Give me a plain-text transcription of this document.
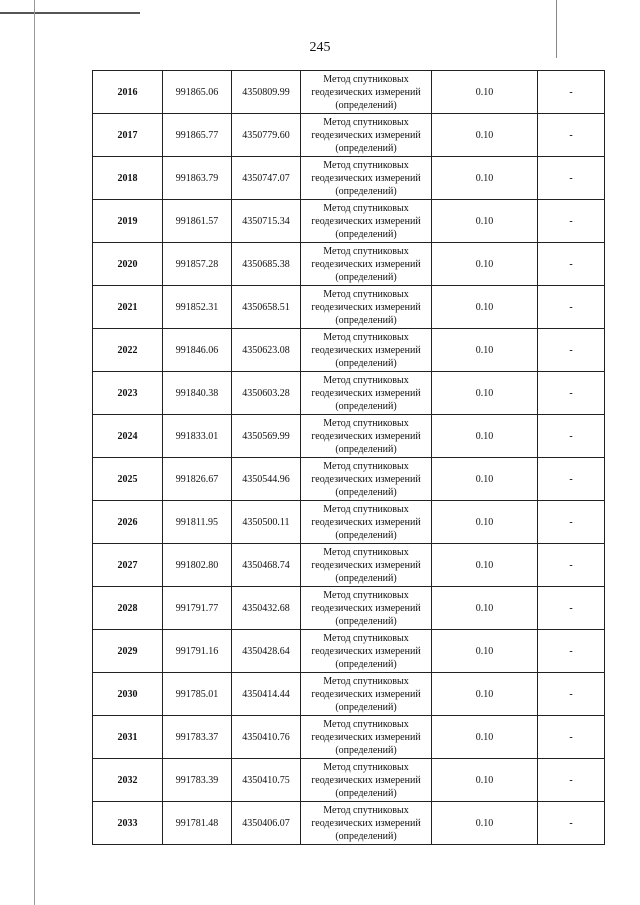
245
2016	991865.06	4350809.99	Метод спутниковых геодезических измерений (определений)	0.10	-
2017	991865.77	4350779.60	Метод спутниковых геодезических измерений (определений)	0.10	-
2018	991863.79	4350747.07	Метод спутниковых геодезических измерений (определений)	0.10	-
2019	991861.57	4350715.34	Метод спутниковых геодезических измерений (определений)	0.10	-
2020	991857.28	4350685.38	Метод спутниковых геодезических измерений (определений)	0.10	-
2021	991852.31	4350658.51	Метод спутниковых геодезических измерений (определений)	0.10	-
2022	991846.06	4350623.08	Метод спутниковых геодезических измерений (определений)	0.10	-
2023	991840.38	4350603.28	Метод спутниковых геодезических измерений (определений)	0.10	-
2024	991833.01	4350569.99	Метод спутниковых геодезических измерений (определений)	0.10	-
2025	991826.67	4350544.96	Метод спутниковых геодезических измерений (определений)	0.10	-
2026	991811.95	4350500.11	Метод спутниковых геодезических измерений (определений)	0.10	-
2027	991802.80	4350468.74	Метод спутниковых геодезических измерений (определений)	0.10	-
2028	991791.77	4350432.68	Метод спутниковых геодезических измерений (определений)	0.10	-
2029	991791.16	4350428.64	Метод спутниковых геодезических измерений (определений)	0.10	-
2030	991785.01	4350414.44	Метод спутниковых геодезических измерений (определений)	0.10	-
2031	991783.37	4350410.76	Метод спутниковых геодезических измерений (определений)	0.10	-
2032	991783.39	4350410.75	Метод спутниковых геодезических измерений (определений)	0.10	-
2033	991781.48	4350406.07	Метод спутниковых геодезических измерений (определений)	0.10	-
